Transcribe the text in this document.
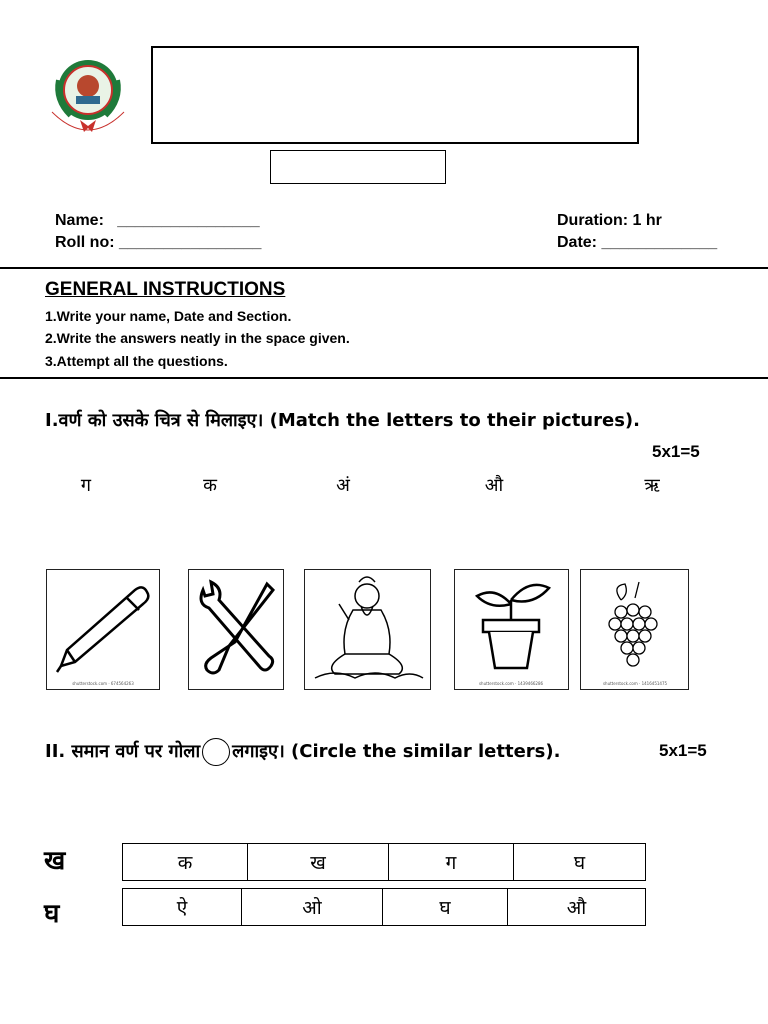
Name: ________________
Roll no: ________________
Duration: 1 hr
Date: _____________
GENERAL INSTRUCTIONS
1.Write your name, Date and Section.
2.Write the answers neatly in the space given.
3.Attempt all the questions.
I.वर्ण को उसके चित्र से मिलाइए। (Match the letters to their pictures).
5x1=5
ग	क	अं	औ	ऋ
shutterstock.com · 674564263	shutterstock.com · 1439466286	shutterstock.com · 1416451475
II. समान वर्ण पर गोला लगाइए। (Circle the similar letters).	5x1=5
ख	क	ख	ग	घ
घ	ऐ	ओ	घ	औ
